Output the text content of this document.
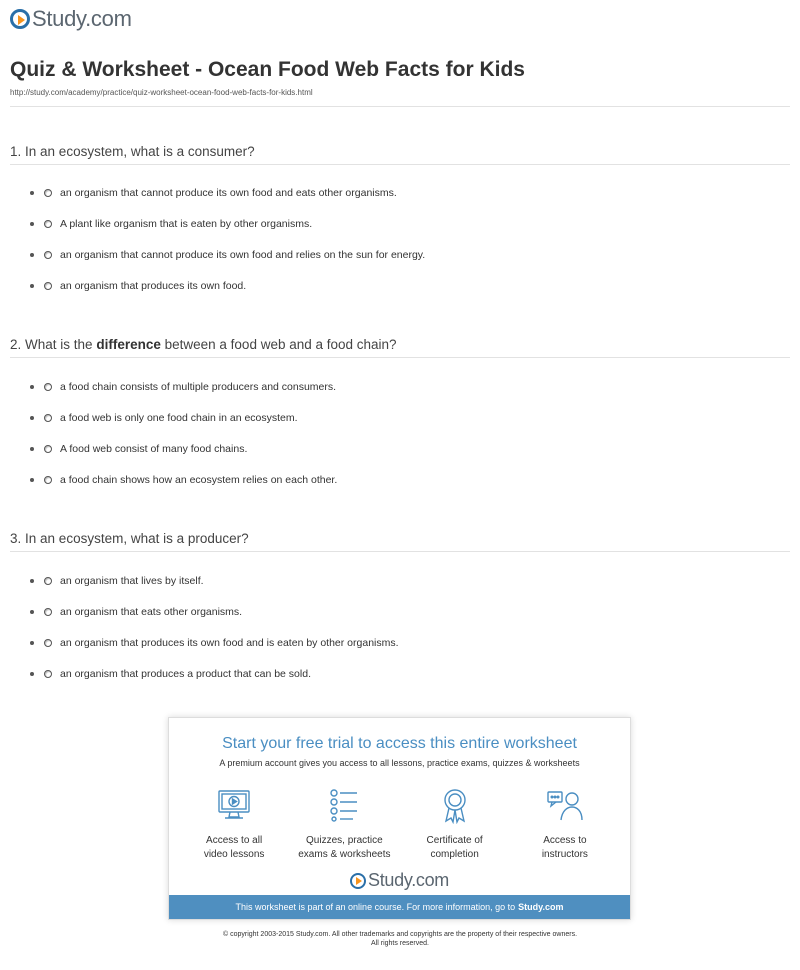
Study.com
Quiz & Worksheet - Ocean Food Web Facts for Kids
http://study.com/academy/practice/quiz-worksheet-ocean-food-web-facts-for-kids.html
1. In an ecosystem, what is a consumer?
an organism that cannot produce its own food and eats other organisms.
A plant like organism that is eaten by other organisms.
an organism that cannot produce its own food and relies on the sun for energy.
an organism that produces its own food.
2. What is the difference between a food web and a food chain?
a food chain consists of multiple producers and consumers.
a food web is only one food chain in an ecosystem.
A food web consist of many food chains.
a food chain shows how an ecosystem relies on each other.
3. In an ecosystem, what is a producer?
an organism that lives by itself.
an organism that eats other organisms.
an organism that produces its own food and is eaten by other organisms.
an organism that produces a product that can be sold.
Start your free trial to access this entire worksheet
A premium account gives you access to all lessons, practice exams, quizzes & worksheets
Access to all
video lessons
Quizzes, practice
exams & worksheets
Certificate of
completion
Access to
instructors
Study.com
This worksheet is part of an online course. For more information, go to Study.com
© copyright 2003-2015 Study.com. All other trademarks and copyrights are the property of their respective owners.
All rights reserved.
